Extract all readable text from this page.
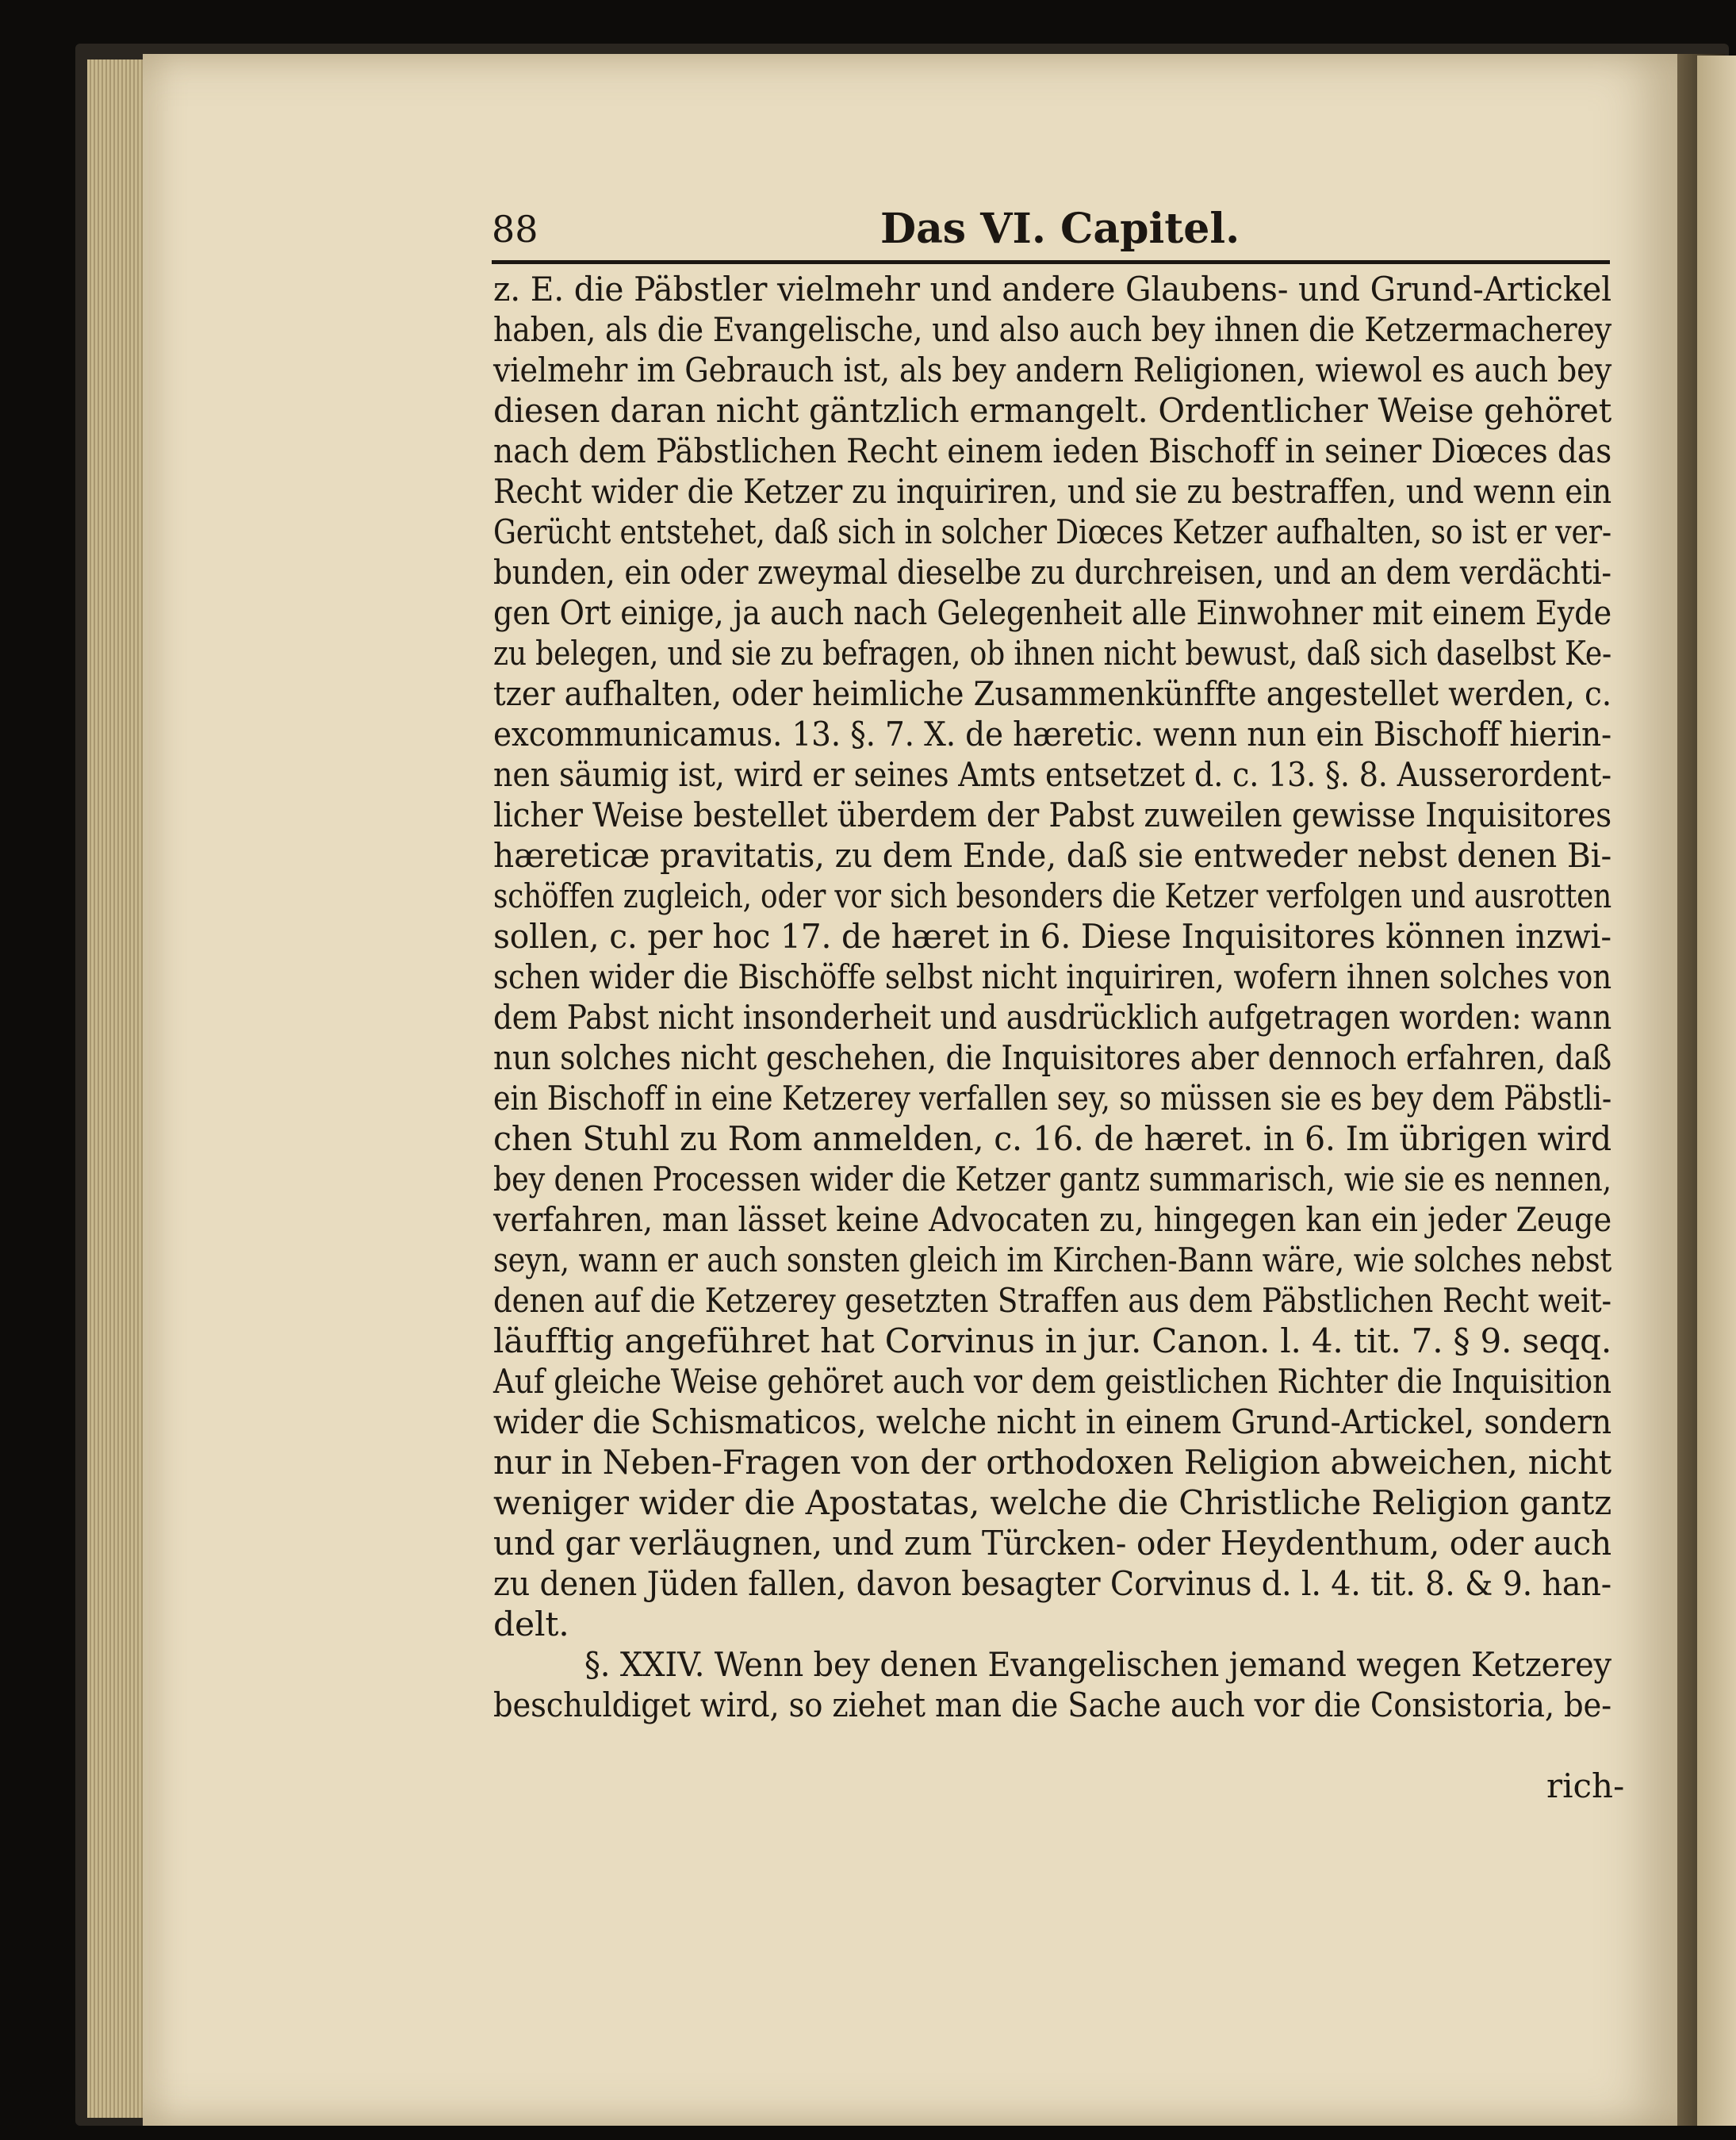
88	Das VI. Capitel.
z. E. die Päbstler vielmehr und andere Glaubens- und Grund-Artickel
haben, als die Evangelische, und also auch bey ihnen die Ketzermacherey
vielmehr im Gebrauch ist, als bey andern Religionen, wiewol es auch bey
diesen daran nicht gäntzlich ermangelt. Ordentlicher Weise gehöret
nach dem Päbstlichen Recht einem ieden Bischoff in seiner Diœces das
Recht wider die Ketzer zu inquiriren, und sie zu bestraffen, und wenn ein
Gerücht entstehet, daß sich in solcher Diœces Ketzer aufhalten, so ist er ver-
bunden, ein oder zweymal dieselbe zu durchreisen, und an dem verdächti-
gen Ort einige, ja auch nach Gelegenheit alle Einwohner mit einem Eyde
zu belegen, und sie zu befragen, ob ihnen nicht bewust, daß sich daselbst Ke-
tzer aufhalten, oder heimliche Zusammenkünffte angestellet werden, c.
excommunicamus. 13. §. 7. X. de hæretic. wenn nun ein Bischoff hierin-
nen säumig ist, wird er seines Amts entsetzet d. c. 13. §. 8. Ausserordent-
licher Weise bestellet überdem der Pabst zuweilen gewisse Inquisitores
hæreticæ pravitatis, zu dem Ende, daß sie entweder nebst denen Bi-
schöffen zugleich, oder vor sich besonders die Ketzer verfolgen und ausrotten
sollen, c. per hoc 17. de hæret in 6. Diese Inquisitores können inzwi-
schen wider die Bischöffe selbst nicht inquiriren, wofern ihnen solches von
dem Pabst nicht insonderheit und ausdrücklich aufgetragen worden: wann
nun solches nicht geschehen, die Inquisitores aber dennoch erfahren, daß
ein Bischoff in eine Ketzerey verfallen sey, so müssen sie es bey dem Päbstli-
chen Stuhl zu Rom anmelden, c. 16. de hæret. in 6. Im übrigen wird
bey denen Processen wider die Ketzer gantz summarisch, wie sie es nennen,
verfahren, man lässet keine Advocaten zu, hingegen kan ein jeder Zeuge
seyn, wann er auch sonsten gleich im Kirchen-Bann wäre, wie solches nebst
denen auf die Ketzerey gesetzten Straffen aus dem Päbstlichen Recht weit-
läufftig angeführet hat Corvinus in jur. Canon. l. 4. tit. 7. § 9. seqq.
Auf gleiche Weise gehöret auch vor dem geistlichen Richter die Inquisition
wider die Schismaticos, welche nicht in einem Grund-Artickel, sondern
nur in Neben-Fragen von der orthodoxen Religion abweichen, nicht
weniger wider die Apostatas, welche die Christliche Religion gantz
und gar verläugnen, und zum Türcken- oder Heydenthum, oder auch
zu denen Jüden fallen, davon besagter Corvinus d. l. 4. tit. 8. & 9. han-
delt.
§. XXIV. Wenn bey denen Evangelischen jemand wegen Ketzerey
beschuldiget wird, so ziehet man die Sache auch vor die Consistoria, be-
rich-
